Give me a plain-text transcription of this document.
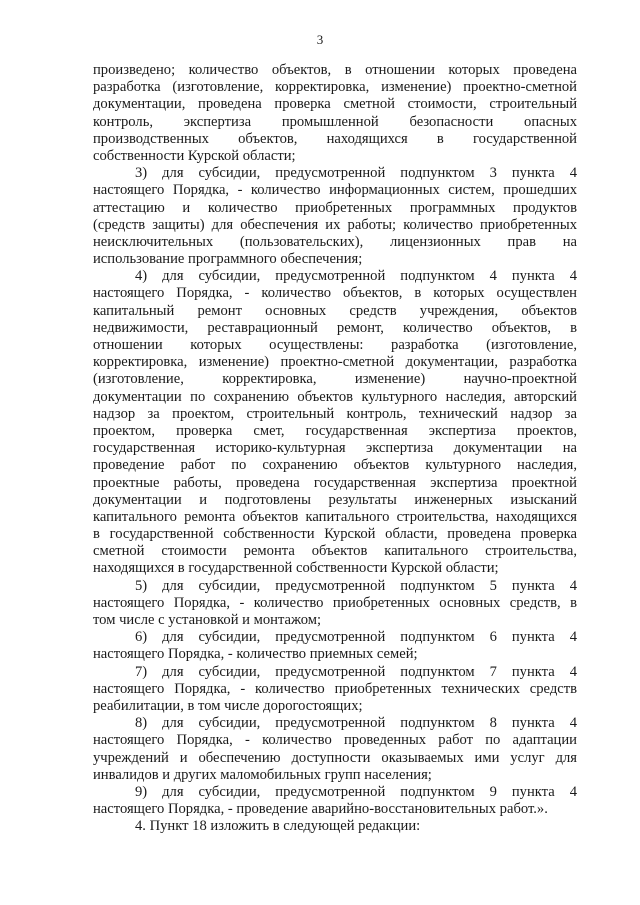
3
произведено; количество объектов, в отношении которых проведена
разработка (изготовление, корректировка, изменение) проектно-сметной
документации, проведена проверка сметной стоимости, строительный
контроль, экспертиза промышленной безопасности опасных
производственных объектов, находящихся в государственной
собственности Курской области;
3) для субсидии, предусмотренной подпунктом 3 пункта 4
настоящего Порядка, - количество информационных систем, прошедших
аттестацию и количество приобретенных программных продуктов
(средств защиты) для обеспечения их работы; количество приобретенных
неисключительных (пользовательских), лицензионных прав на
использование программного обеспечения;
4) для субсидии, предусмотренной подпунктом 4 пункта 4
настоящего Порядка, - количество объектов, в которых осуществлен
капитальный ремонт основных средств учреждения, объектов
недвижимости, реставрационный ремонт, количество объектов, в
отношении которых осуществлены: разработка (изготовление,
корректировка, изменение) проектно-сметной документации, разработка
(изготовление, корректировка, изменение) научно-проектной
документации по сохранению объектов культурного наследия, авторский
надзор за проектом, строительный контроль, технический надзор за
проектом, проверка смет, государственная экспертиза проектов,
государственная историко-культурная экспертиза документации на
проведение работ по сохранению объектов культурного наследия,
проектные работы, проведена государственная экспертиза проектной
документации и подготовлены результаты инженерных изысканий
капитального ремонта объектов капитального строительства, находящихся
в государственной собственности Курской области, проведена проверка
сметной стоимости ремонта объектов капитального строительства,
находящихся в государственной собственности Курской области;
5) для субсидии, предусмотренной подпунктом 5 пункта 4
настоящего Порядка, - количество приобретенных основных средств, в
том числе с установкой и монтажом;
6) для субсидии, предусмотренной подпунктом 6 пункта 4
настоящего Порядка, - количество приемных семей;
7) для субсидии, предусмотренной подпунктом 7 пункта 4
настоящего Порядка, - количество приобретенных технических средств
реабилитации, в том числе дорогостоящих;
8) для субсидии, предусмотренной подпунктом 8 пункта 4
настоящего Порядка, - количество проведенных работ по адаптации
учреждений и обеспечению доступности оказываемых ими услуг для
инвалидов и других маломобильных групп населения;
9) для субсидии, предусмотренной подпунктом 9 пункта 4
настоящего Порядка, - проведение аварийно-восстановительных работ.».
4. Пункт 18 изложить в следующей редакции:
